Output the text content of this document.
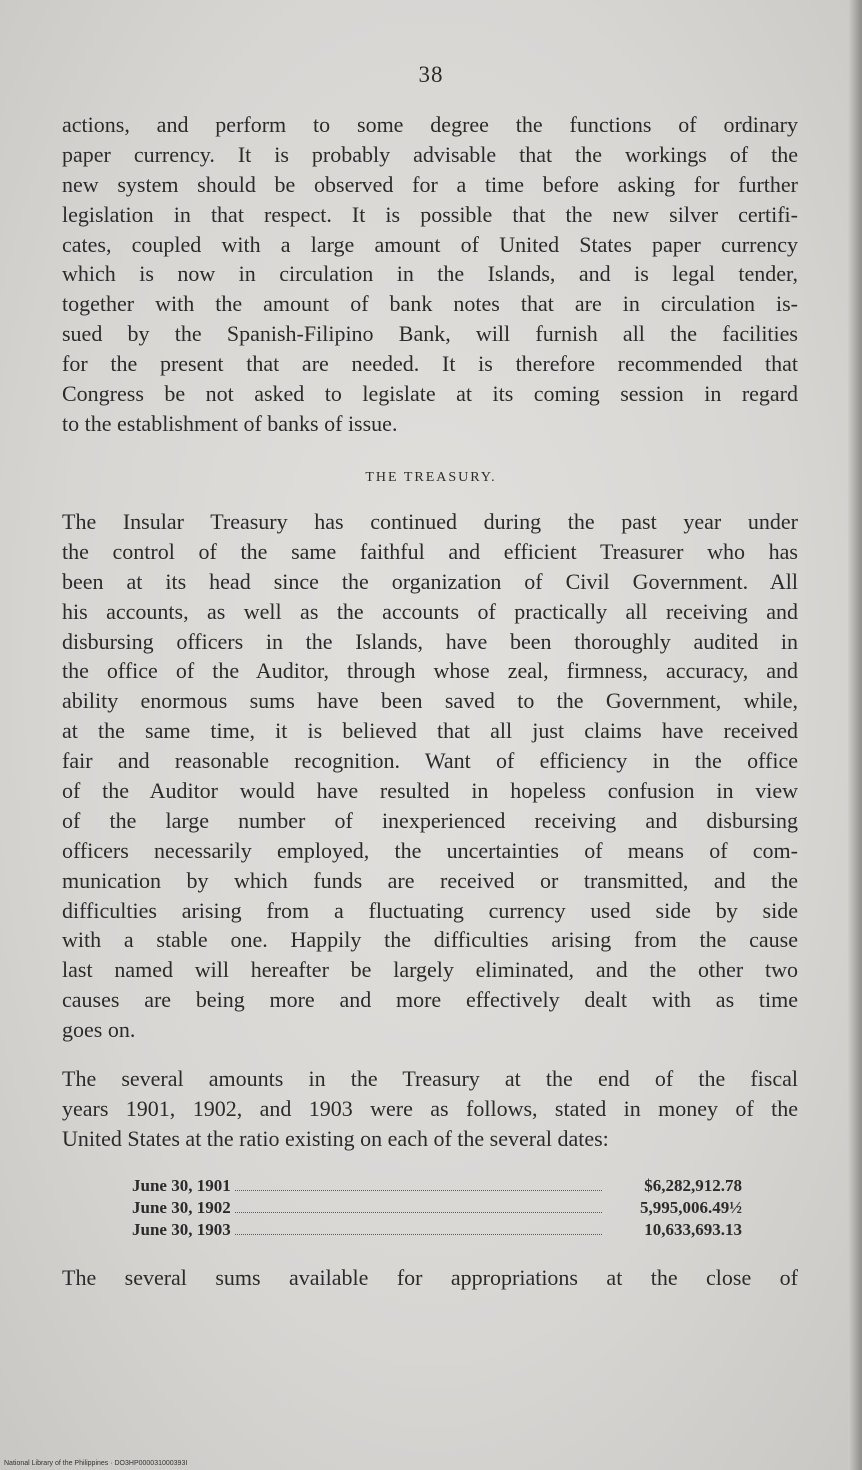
38
actions, and perform to some degree the functions of ordinary
paper currency. It is probably advisable that the workings of the
new system should be observed for a time before asking for further
legislation in that respect. It is possible that the new silver certifi-
cates, coupled with a large amount of United States paper currency
which is now in circulation in the Islands, and is legal tender,
together with the amount of bank notes that are in circulation is-
sued by the Spanish-Filipino Bank, will furnish all the facilities
for the present that are needed. It is therefore recommended that
Congress be not asked to legislate at its coming session in regard
to the establishment of banks of issue.
THE TREASURY.
The Insular Treasury has continued during the past year under
the control of the same faithful and efficient Treasurer who has
been at its head since the organization of Civil Government. All
his accounts, as well as the accounts of practically all receiving and
disbursing officers in the Islands, have been thoroughly audited in
the office of the Auditor, through whose zeal, firmness, accuracy, and
ability enormous sums have been saved to the Government, while,
at the same time, it is believed that all just claims have received
fair and reasonable recognition. Want of efficiency in the office
of the Auditor would have resulted in hopeless confusion in view
of the large number of inexperienced receiving and disbursing
officers necessarily employed, the uncertainties of means of com-
munication by which funds are received or transmitted, and the
difficulties arising from a fluctuating currency used side by side
with a stable one. Happily the difficulties arising from the cause
last named will hereafter be largely eliminated, and the other two
causes are being more and more effectively dealt with as time
goes on.
The several amounts in the Treasury at the end of the fiscal
years 1901, 1902, and 1903 were as follows, stated in money of the
United States at the ratio existing on each of the several dates:
June 30, 1901	$6,282,912.78
June 30, 1902	5,995,006.49½
June 30, 1903	10,633,693.13
The several sums available for appropriations at the close of
National Library of the Philippines · DO3HP000031000393I
